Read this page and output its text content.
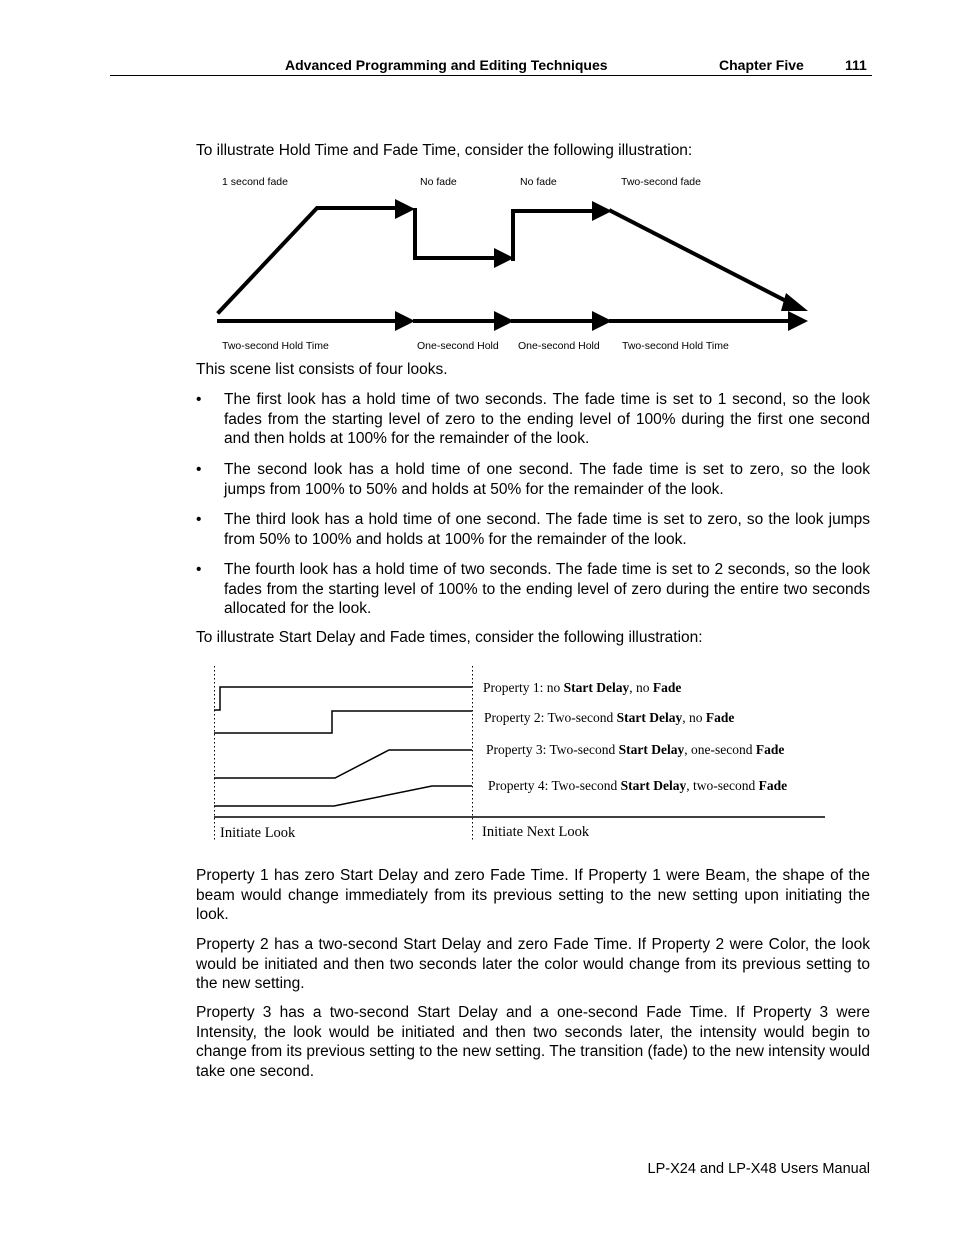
Advanced Programming and Editing Techniques	Chapter Five	111
To illustrate Hold Time and Fade Time, consider the following illustration:
1 second fade	No fade	No fade	Two-second fade
Two-second Hold Time	One-second Hold One-second Hold Two-second Hold Time
This scene list consists of four looks.
•	The first look has a hold time of two seconds. The fade time is set to 1 second, so the look fades from the starting level of zero to the ending level of 100% during the first one second and then holds at 100% for the remainder of the look.
•	The second look has a hold time of one second. The fade time is set to zero, so the look jumps from 100% to 50% and holds at 50% for the remainder of the look.
•	The third look has a hold time of one second. The fade time is set to zero, so the look jumps from 50% to 100% and holds at 100% for the remainder of the look.
•	The fourth look has a hold time of two seconds. The fade time is set to 2 seconds, so the look fades from the starting level of 100% to the ending level of zero during the entire two seconds allocated for the look.
To illustrate Start Delay and Fade times, consider the following illustration:
Property 1: no Start Delay, no Fade
Property 2: Two-second Start Delay, no Fade
Property 3: Two-second Start Delay, one-second Fade
Property 4: Two-second Start Delay, two-second Fade
Initiate Look	Initiate Next Look
Property 1 has zero Start Delay and zero Fade Time. If Property 1 were Beam, the shape of the beam would change immediately from its previous setting to the new setting upon initiating the look.
Property 2 has a two-second Start Delay and zero Fade Time. If Property 2 were Color, the look would be initiated and then two seconds later the color would change from its previous setting to the new setting.
Property 3 has a two-second Start Delay and a one-second Fade Time. If Property 3 were Intensity, the look would be initiated and then two seconds later, the intensity would begin to change from its previous setting to the new setting. The transition (fade) to the new intensity would take one second.
LP-X24 and LP-X48 Users Manual
